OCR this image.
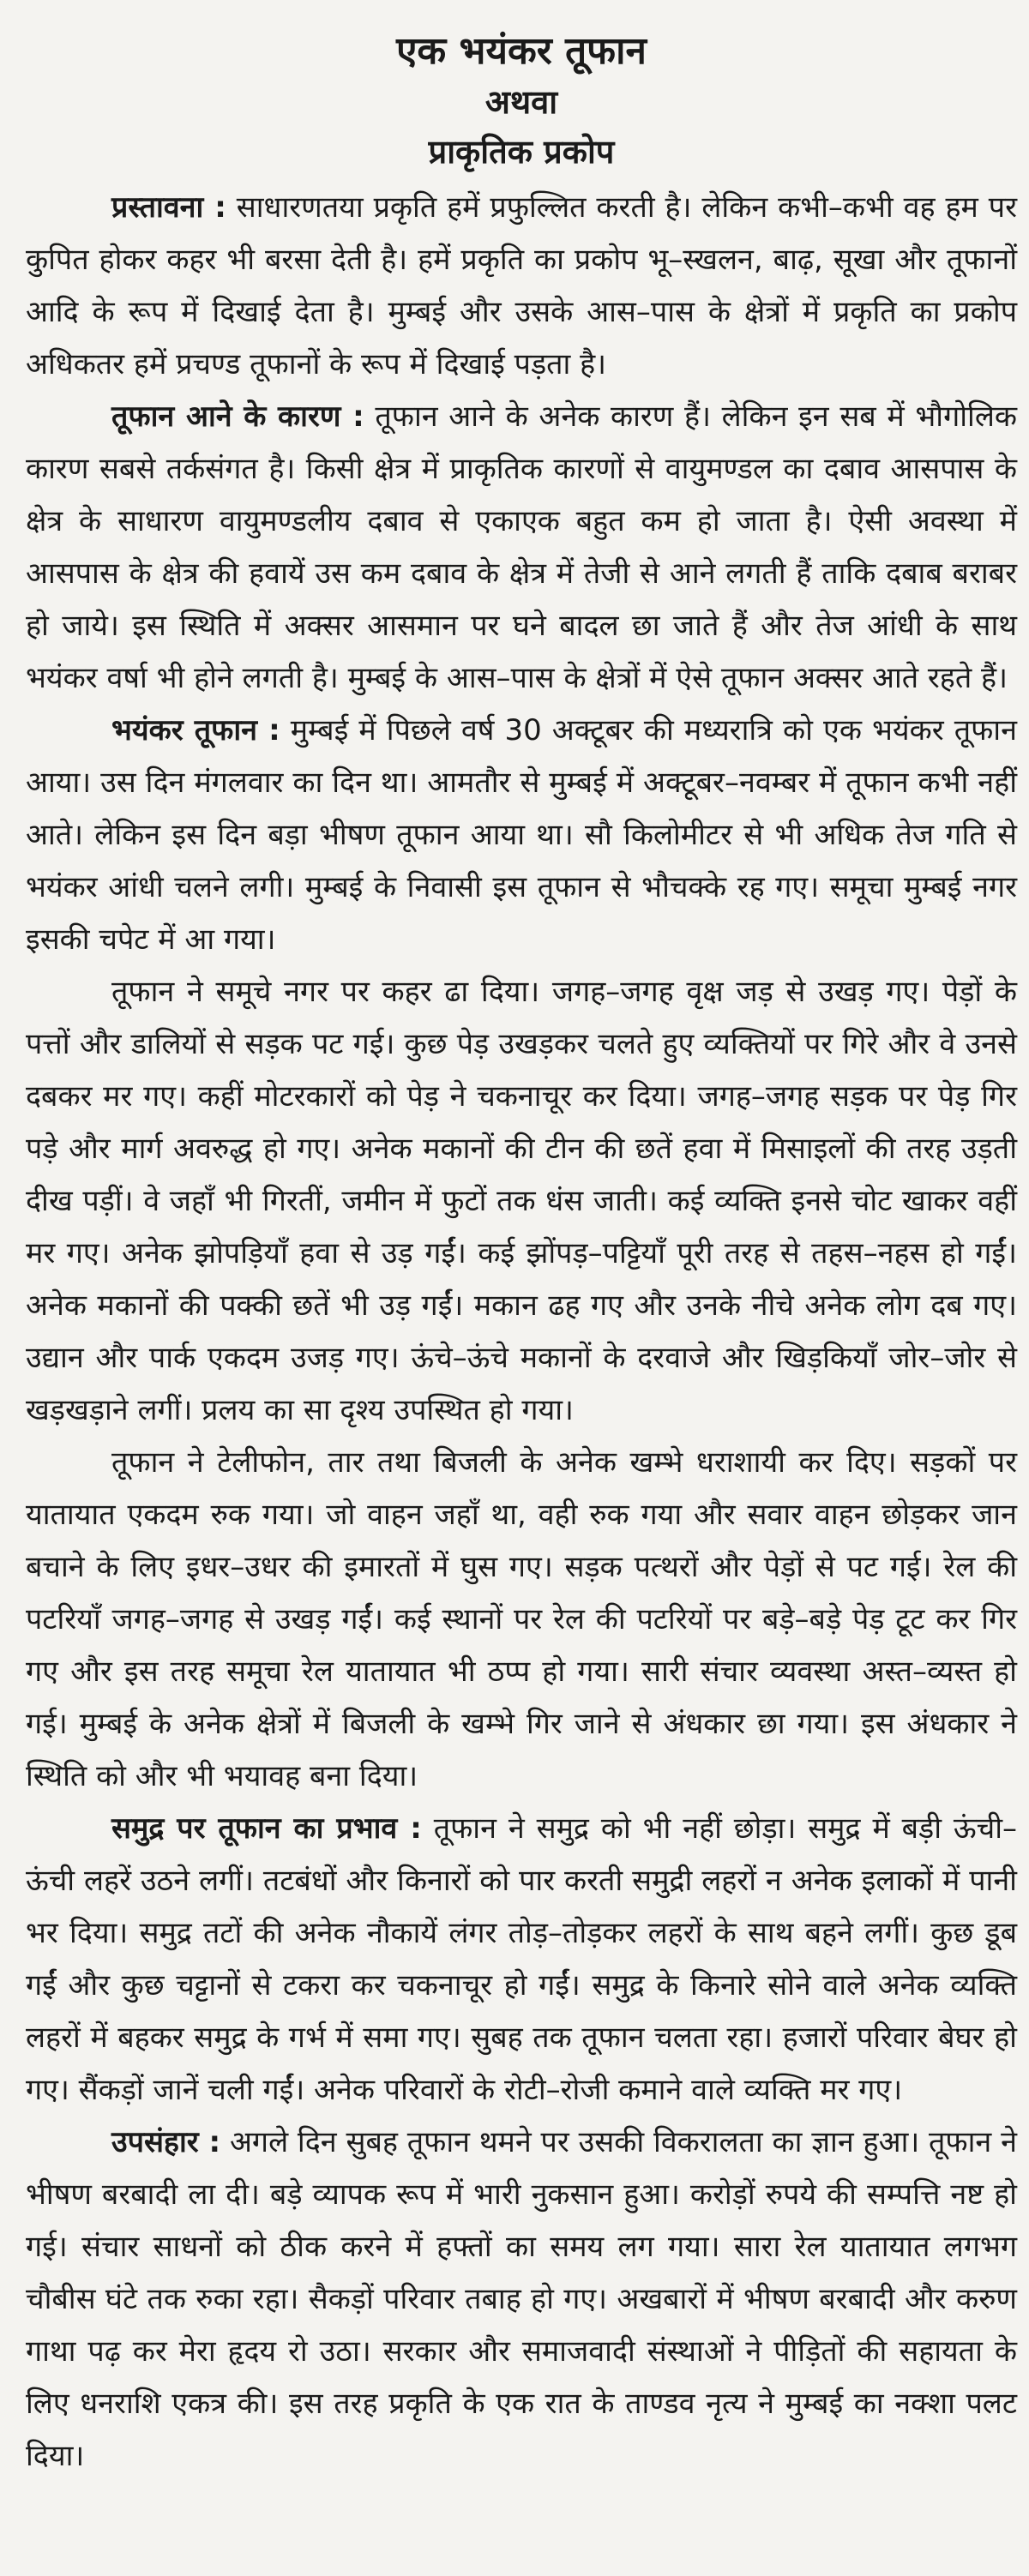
एक भयंकर तूफान
अथवा
प्राकृतिक प्रकोप

प्रस्तावना : साधारणतया प्रकृति हमें प्रफुल्लित करती है। लेकिन कभी–कभी वह हम पर कुपित होकर कहर भी बरसा देती है। हमें प्रकृति का प्रकोप भू–स्खलन, बाढ़, सूखा और तूफानों आदि के रूप में दिखाई देता है। मुम्बई और उसके आस–पास के क्षेत्रों में प्रकृति का प्रकोप अधिकतर हमें प्रचण्ड तूफानों के रूप में दिखाई पड़ता है।

तूफान आने के कारण : तूफान आने के अनेक कारण हैं। लेकिन इन सब में भौगोलिक कारण सबसे तर्कसंगत है। किसी क्षेत्र में प्राकृतिक कारणों से वायुमण्डल का दबाव आसपास के क्षेत्र के साधारण वायुमण्डलीय दबाव से एकाएक बहुत कम हो जाता है। ऐसी अवस्था में आसपास के क्षेत्र की हवायें उस कम दबाव के क्षेत्र में तेजी से आने लगती हैं ताकि दबाब बराबर हो जाये। इस स्थिति में अक्सर आसमान पर घने बादल छा जाते हैं और तेज आंधी के साथ भयंकर वर्षा भी होने लगती है। मुम्बई के आस–पास के क्षेत्रों में ऐसे तूफान अक्सर आते रहते हैं।

भयंकर तूफान : मुम्बई में पिछले वर्ष 30 अक्टूबर की मध्यरात्रि को एक भयंकर तूफान आया। उस दिन मंगलवार का दिन था। आमतौर से मुम्बई में अक्टूबर–नवम्बर में तूफान कभी नहीं आते। लेकिन इस दिन बड़ा भीषण तूफान आया था। सौ किलोमीटर से भी अधिक तेज गति से भयंकर आंधी चलने लगी। मुम्बई के निवासी इस तूफान से भौचक्के रह गए। समूचा मुम्बई नगर इसकी चपेट में आ गया।

तूफान ने समूचे नगर पर कहर ढा दिया। जगह–जगह वृक्ष जड़ से उखड़ गए। पेड़ों के पत्तों और डालियों से सड़क पट गई। कुछ पेड़ उखड़कर चलते हुए व्यक्तियों पर गिरे और वे उनसे दबकर मर गए। कहीं मोटरकारों को पेड़ ने चकनाचूर कर दिया। जगह–जगह सड़क पर पेड़ गिर पड़े और मार्ग अवरुद्ध हो गए। अनेक मकानों की टीन की छतें हवा में मिसाइलों की तरह उड़ती दीख पड़ीं। वे जहाँ भी गिरतीं, जमीन में फुटों तक धंस जाती। कई व्यक्ति इनसे चोट खाकर वहीं मर गए। अनेक झोपड़ियाँ हवा से उड़ गईं। कई झोंपड़–पट्टियाँ पूरी तरह से तहस–नहस हो गईं। अनेक मकानों की पक्की छतें भी उड़ गईं। मकान ढह गए और उनके नीचे अनेक लोग दब गए। उद्यान और पार्क एकदम उजड़ गए। ऊंचे–ऊंचे मकानों के दरवाजे और खिड़कियाँ जोर–जोर से खड़खड़ाने लगीं। प्रलय का सा दृश्य उपस्थित हो गया।

तूफान ने टेलीफोन, तार तथा बिजली के अनेक खम्भे धराशायी कर दिए। सड़कों पर यातायात एकदम रुक गया। जो वाहन जहाँ था, वही रुक गया और सवार वाहन छोड़कर जान बचाने के लिए इधर–उधर की इमारतों में घुस गए। सड़क पत्थरों और पेड़ों से पट गई। रेल की पटरियाँ जगह–जगह से उखड़ गईं। कई स्थानों पर रेल की पटरियों पर बड़े–बड़े पेड़ टूट कर गिर गए और इस तरह समूचा रेल यातायात भी ठप्प हो गया। सारी संचार व्यवस्था अस्त–व्यस्त हो गई। मुम्बई के अनेक क्षेत्रों में बिजली के खम्भे गिर जाने से अंधकार छा गया। इस अंधकार ने स्थिति को और भी भयावह बना दिया।

समुद्र पर तूफान का प्रभाव : तूफान ने समुद्र को भी नहीं छोड़ा। समुद्र में बड़ी ऊंची–ऊंची लहरें उठने लगीं। तटबंधों और किनारों को पार करती समुद्री लहरों न अनेक इलाकों में पानी भर दिया। समुद्र तटों की अनेक नौकायें लंगर तोड़–तोड़कर लहरों के साथ बहने लगीं। कुछ डूब गईं और कुछ चट्टानों से टकरा कर चकनाचूर हो गईं। समुद्र के किनारे सोने वाले अनेक व्यक्ति लहरों में बहकर समुद्र के गर्भ में समा गए। सुबह तक तूफान चलता रहा। हजारों परिवार बेघर हो गए। सैंकड़ों जानें चली गईं। अनेक परिवारों के रोटी–रोजी कमाने वाले व्यक्ति मर गए।

उपसंहार : अगले दिन सुबह तूफान थमने पर उसकी विकरालता का ज्ञान हुआ। तूफान ने भीषण बरबादी ला दी। बड़े व्यापक रूप में भारी नुकसान हुआ। करोड़ों रुपये की सम्पत्ति नष्ट हो गई। संचार साधनों को ठीक करने में हफ्तों का समय लग गया। सारा रेल यातायात लगभग चौबीस घंटे तक रुका रहा। सैकड़ों परिवार तबाह हो गए। अखबारों में भीषण बरबादी और करुण गाथा पढ़ कर मेरा हृदय रो उठा। सरकार और समाजवादी संस्थाओं ने पीड़ितों की सहायता के लिए धनराशि एकत्र की। इस तरह प्रकृति के एक रात के ताण्डव नृत्य ने मुम्बई का नक्शा पलट दिया।
